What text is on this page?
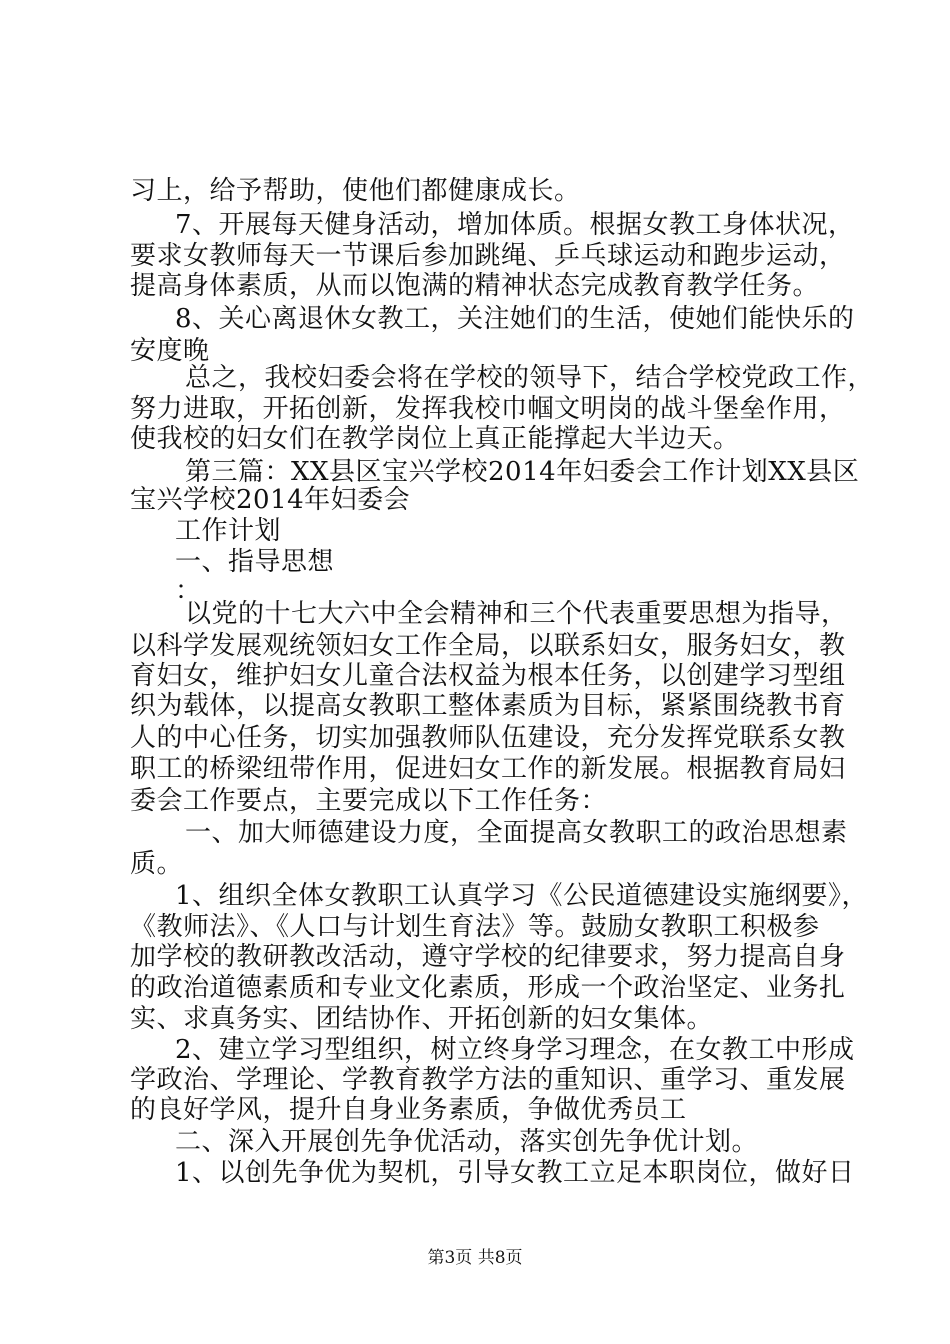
习上，给予帮助，使他们都健康成长。
7、开展每天健身活动，增加体质。根据女教工身体状况，
要求女教师每天一节课后参加跳绳、乒乓球运动和跑步运动，
提高身体素质，从而以饱满的精神状态完成教育教学任务。
8、关心离退休女教工，关注她们的生活，使她们能快乐的
安度晚
总之，我校妇委会将在学校的领导下，结合学校党政工作，
努力进取，开拓创新，发挥我校巾帼文明岗的战斗堡垒作用，
使我校的妇女们在教学岗位上真正能撑起大半边天。
第三篇：XX县区宝兴学校2014年妇委会工作计划XX县区
宝兴学校2014年妇委会
工作计划
一、指导思想
：
以党的十七大六中全会精神和三个代表重要思想为指导，
以科学发展观统领妇女工作全局，以联系妇女，服务妇女，教
育妇女，维护妇女儿童合法权益为根本任务，以创建学习型组
织为载体，以提高女教职工整体素质为目标，紧紧围绕教书育
人的中心任务，切实加强教师队伍建设，充分发挥党联系女教
职工的桥梁纽带作用，促进妇女工作的新发展。根据教育局妇
委会工作要点，主要完成以下工作任务：
一、加大师德建设力度，全面提高女教职工的政治思想素
质。
1、组织全体女教职工认真学习《公民道德建设实施纲要》，
《教师法》、《人口与计划生育法》等。鼓励女教职工积极参
加学校的教研教改活动，遵守学校的纪律要求，努力提高自身
的政治道德素质和专业文化素质，形成一个政治坚定、业务扎
实、求真务实、团结协作、开拓创新的妇女集体。
2、建立学习型组织，树立终身学习理念，在女教工中形成
学政治、学理论、学教育教学方法的重知识、重学习、重发展
的良好学风，提升自身业务素质，争做优秀员工
二、深入开展创先争优活动，落实创先争优计划。
1、以创先争优为契机，引导女教工立足本职岗位，做好日
第3页 共8页
